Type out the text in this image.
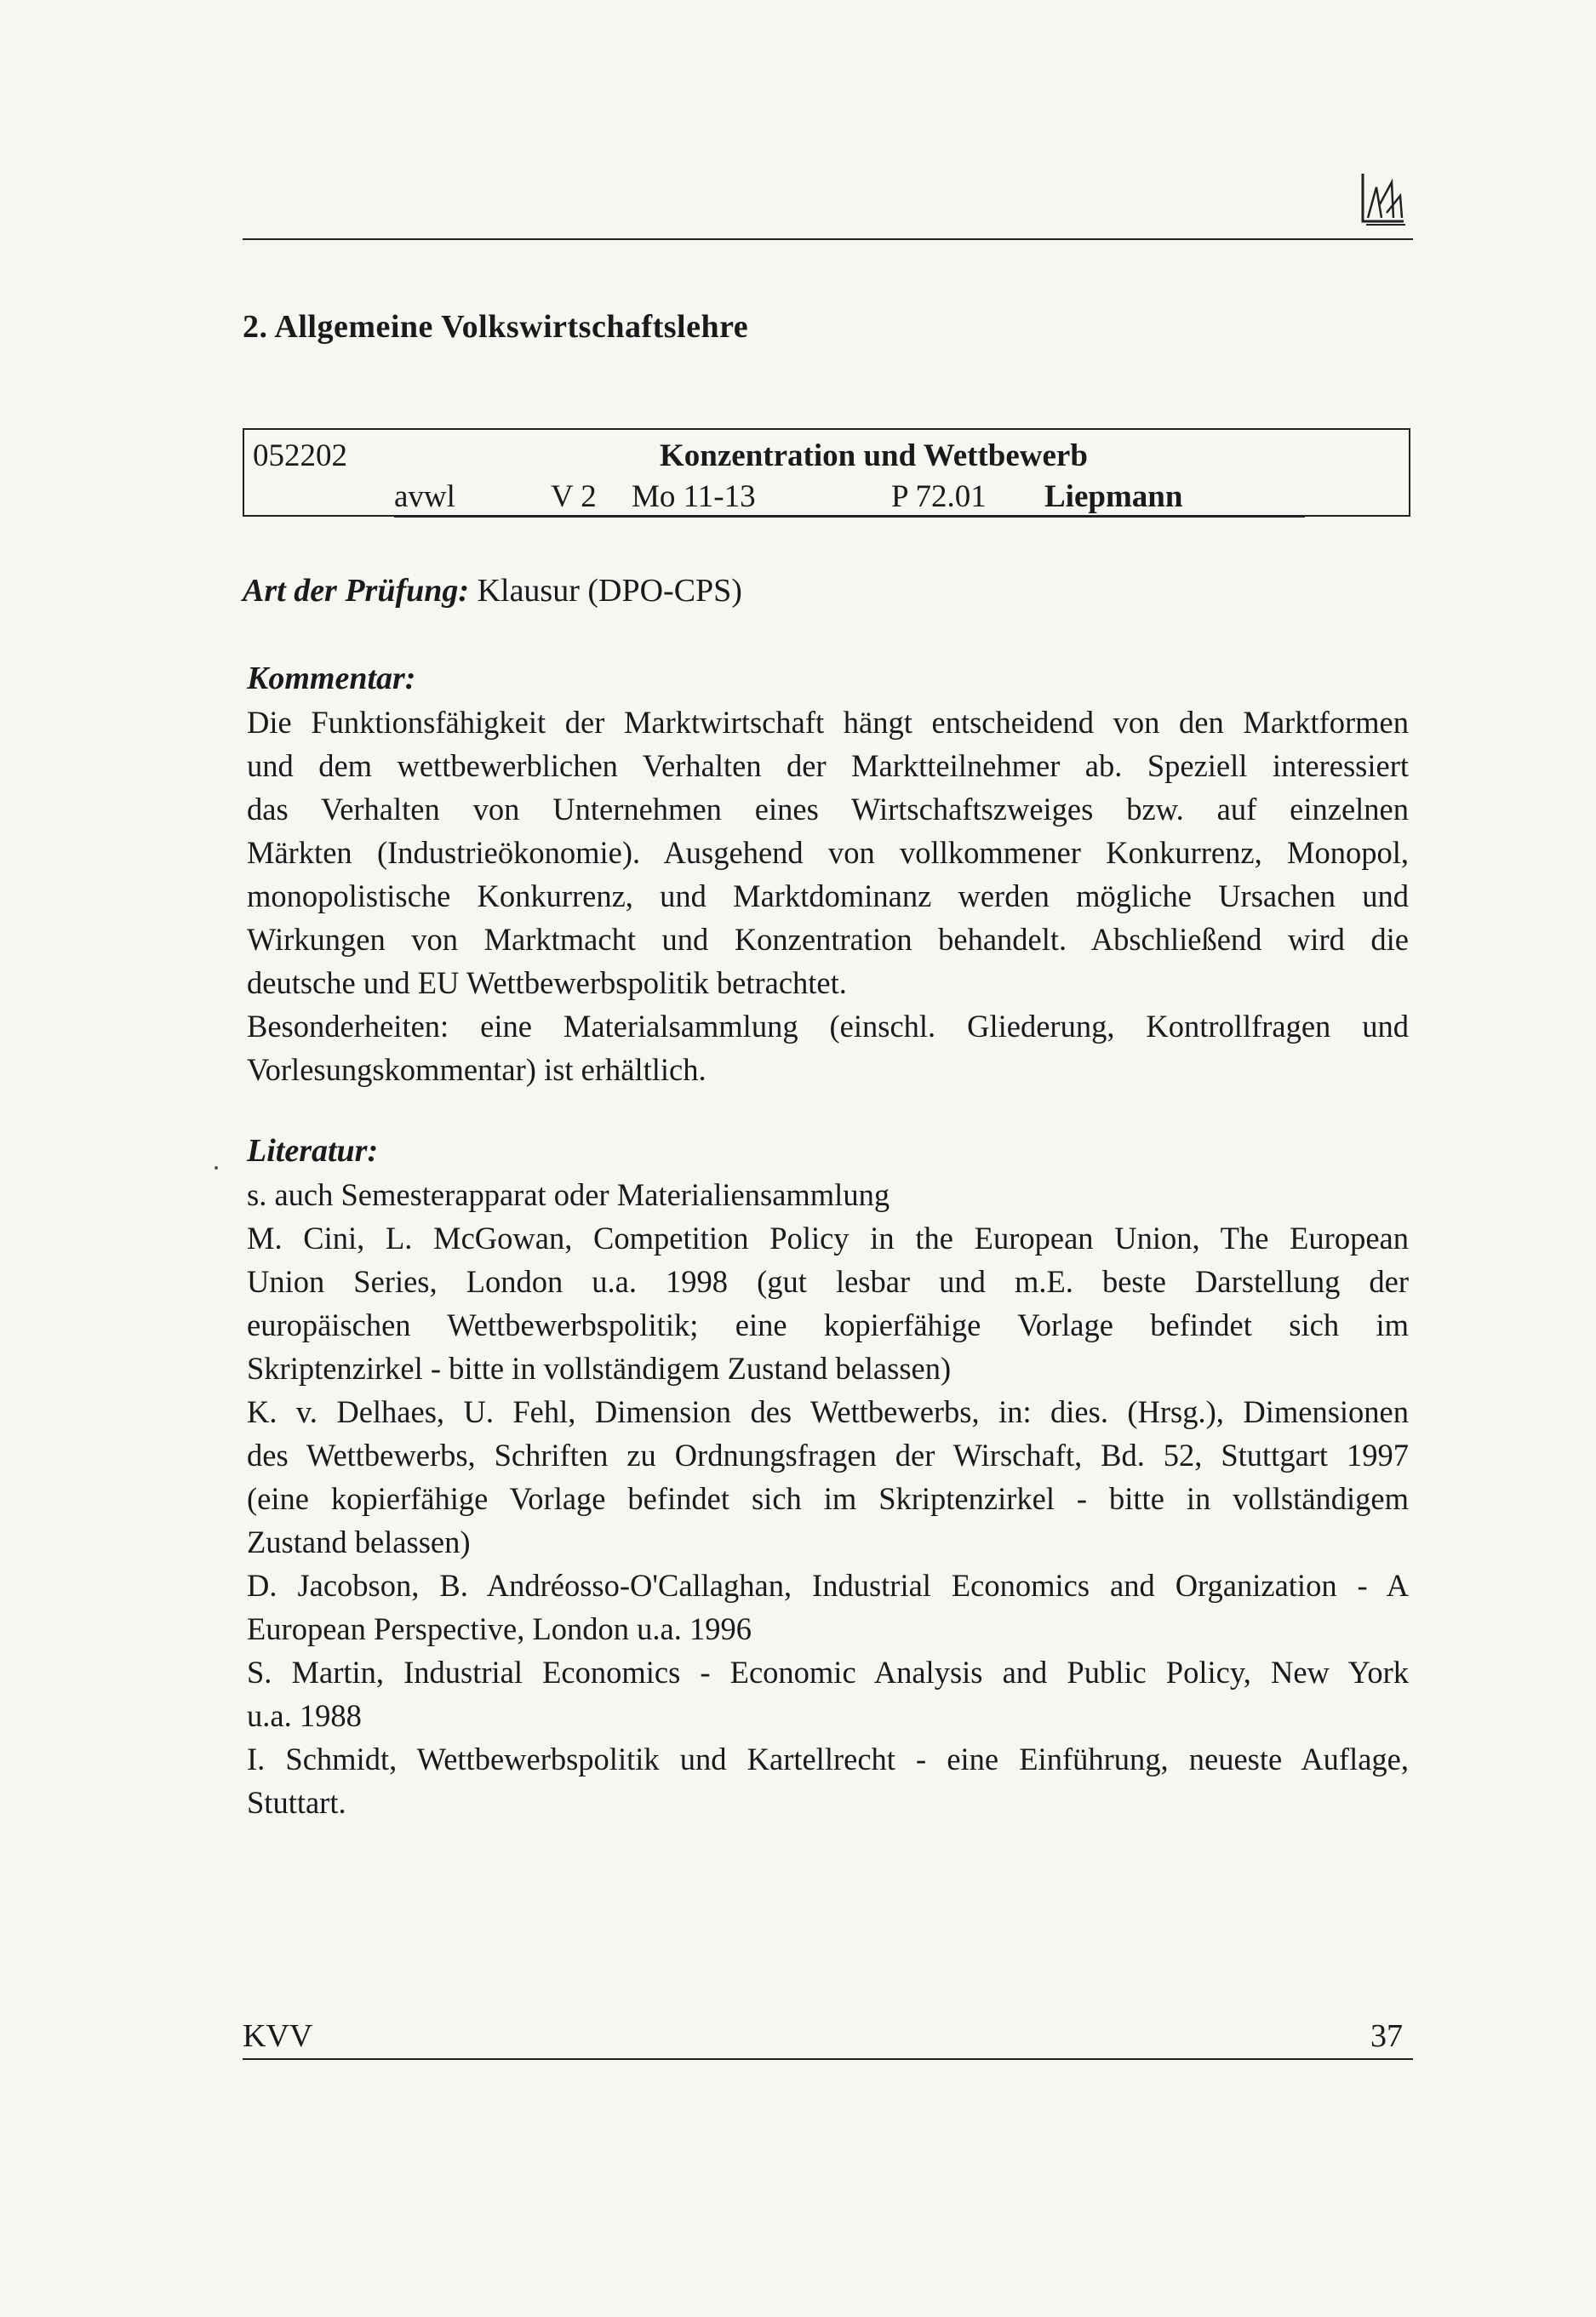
2. Allgemeine Volkswirtschaftslehre
052202	Konzentration und Wettbewerb
avwl	V 2 Mo 11-13	P 72.01 Liepmann
Art der Prüfung: Klausur (DPO-CPS)
Kommentar:
Die Funktionsfähigkeit der Marktwirtschaft hängt entscheidend von den Marktformen
und dem wettbewerblichen Verhalten der Marktteilnehmer ab. Speziell interessiert
das Verhalten von Unternehmen eines Wirtschaftszweiges bzw. auf einzelnen
Märkten (Industrieökonomie). Ausgehend von vollkommener Konkurrenz, Monopol,
monopolistische Konkurrenz, und Marktdominanz werden mögliche Ursachen und
Wirkungen von Marktmacht und Konzentration behandelt. Abschließend wird die
deutsche und EU Wettbewerbspolitik betrachtet.
Besonderheiten: eine Materialsammlung (einschl. Gliederung, Kontrollfragen und
Vorlesungskommentar) ist erhältlich.
Literatur:
s. auch Semesterapparat oder Materialiensammlung
M. Cini, L. McGowan, Competition Policy in the European Union, The European
Union Series, London u.a. 1998 (gut lesbar und m.E. beste Darstellung der
europäischen Wettbewerbspolitik; eine kopierfähige Vorlage befindet sich im
Skriptenzirkel - bitte in vollständigem Zustand belassen)
K. v. Delhaes, U. Fehl, Dimension des Wettbewerbs, in: dies. (Hrsg.), Dimensionen
des Wettbewerbs, Schriften zu Ordnungsfragen der Wirschaft, Bd. 52, Stuttgart 1997
(eine kopierfähige Vorlage befindet sich im Skriptenzirkel - bitte in vollständigem
Zustand belassen)
D. Jacobson, B. Andréosso-O'Callaghan, Industrial Economics and Organization - A
European Perspective, London u.a. 1996
S. Martin, Industrial Economics - Economic Analysis and Public Policy, New York
u.a. 1988
I. Schmidt, Wettbewerbspolitik und Kartellrecht - eine Einführung, neueste Auflage,
Stuttart.
KVV	37
